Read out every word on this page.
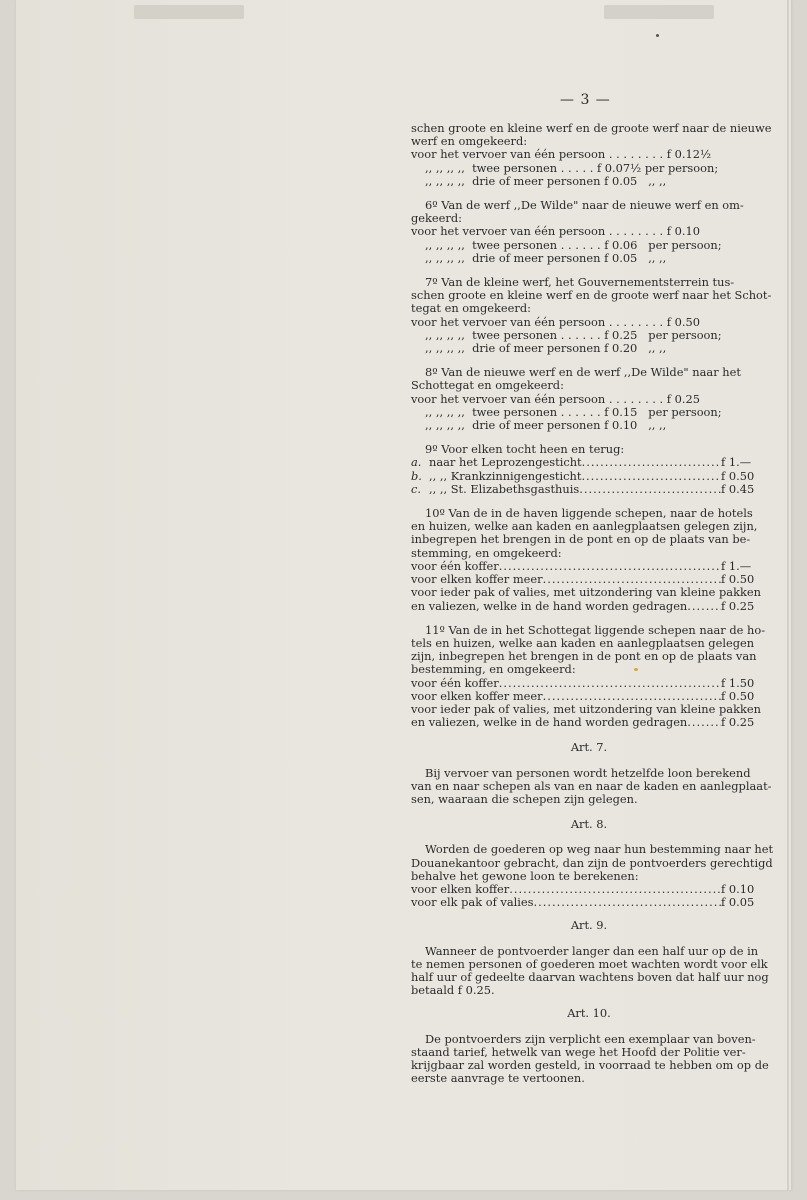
— 3 —
schen groote en kleine werf en de groote werf naar de nieuwe
werf en omgekeerd:
voor het vervoer van één persoon . . . . . . . . f 0.12½
,, ,, ,, ,, twee personen . . . . . f 0.07½ per persoon;
,, ,, ,, ,, drie of meer personen f 0.05 ,, ,,
6º Van de werf ,,De Wilde" naar de nieuwe werf en om-
gekeerd:
voor het vervoer van één persoon . . . . . . . . f 0.10
,, ,, ,, ,, twee personen . . . . . . f 0.06 per persoon;
,, ,, ,, ,, drie of meer personen f 0.05 ,, ,,
7º Van de kleine werf, het Gouvernementsterrein tus-
schen groote en kleine werf en de groote werf naar het Schot-
tegat en omgekeerd:
voor het vervoer van één persoon . . . . . . . . f 0.50
,, ,, ,, ,, twee personen . . . . . . f 0.25 per persoon;
,, ,, ,, ,, drie of meer personen f 0.20 ,, ,,
8º Van de nieuwe werf en de werf ,,De Wilde" naar het
Schottegat en omgekeerd:
voor het vervoer van één persoon . . . . . . . . f 0.25
,, ,, ,, ,, twee personen . . . . . . f 0.15 per persoon;
,, ,, ,, ,, drie of meer personen f 0.10 ,, ,,
9º Voor elken tocht heen en terug:
a. naar het Leprozengesticht .....	f 1.—
b. ,, ,, Krankzinnigengesticht .....	f 0.50
c. ,, ,, St. Elizabethsgasthuis .....	f 0.45
10º Van de in de haven liggende schepen, naar de hotels
en huizen, welke aan kaden en aanlegplaatsen gelegen zijn,
inbegrepen het brengen in de pont en op de plaats van be-
stemming, en omgekeerd:
voor één koffer .....	f 1.—
voor elken koffer meer .....	f 0.50
voor ieder pak of valies, met uitzondering van kleine pakken
en valiezen, welke in de hand worden gedragen .....	f 0.25
11º Van de in het Schottegat liggende schepen naar de ho-
tels en huizen, welke aan kaden en aanlegplaatsen gelegen
zijn, inbegrepen het brengen in de pont en op de plaats van
bestemming, en omgekeerd:
voor één koffer .....	f 1.50
voor elken koffer meer .....	f 0.50
voor ieder pak of valies, met uitzondering van kleine pakken
en valiezen, welke in de hand worden gedragen .....	f 0.25
Art. 7.
Bij vervoer van personen wordt hetzelfde loon berekend
van en naar schepen als van en naar de kaden en aanlegplaat-
sen, waaraan die schepen zijn gelegen.
Art. 8.
Worden de goederen op weg naar hun bestemming naar het
Douanekantoor gebracht, dan zijn de pontvoerders gerechtigd
behalve het gewone loon te berekenen:
voor elken koffer .....	f 0.10
voor elk pak of valies .....	f 0.05
Art. 9.
Wanneer de pontvoerder langer dan een half uur op de in
te nemen personen of goederen moet wachten wordt voor elk
half uur of gedeelte daarvan wachtens boven dat half uur nog
betaald f 0.25.
Art. 10.
De pontvoerders zijn verplicht een exemplaar van boven-
staand tarief, hetwelk van wege het Hoofd der Politie ver-
krijgbaar zal worden gesteld, in voorraad te hebben om op de
eerste aanvrage te vertoonen.
